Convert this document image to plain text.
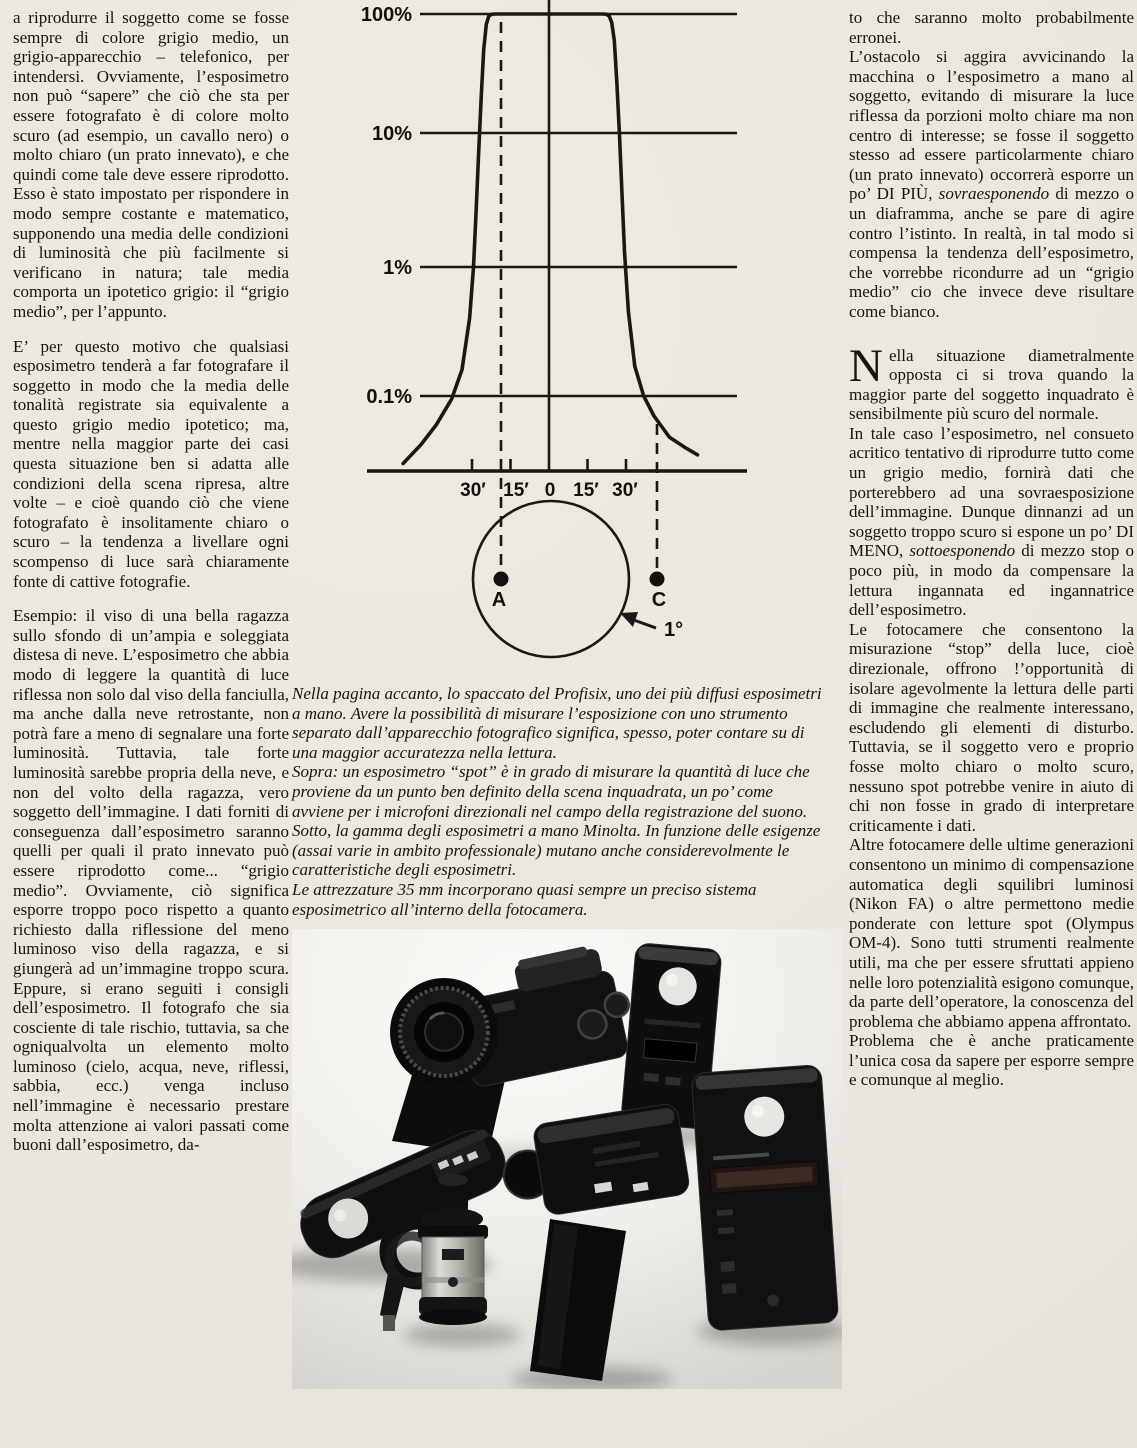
a riprodurre il soggetto come se fosse sempre di colore grigio medio, un grigio-apparecchio – telefonico, per intendersi. Ovviamente, l’esposimetro non può “sapere” che ciò che sta per essere fotografato è di colore molto scuro (ad esempio, un cavallo nero) o molto chiaro (un prato innevato), e che quindi come tale deve essere riprodotto. Esso è stato impostato per rispondere in modo sempre costante e matematico, supponendo una media delle condizioni di luminosità che più facilmente si verificano in natura; tale media comporta un ipotetico grigio: il “grigio medio”, per l’appunto.

E’ per questo motivo che qualsiasi esposimetro tenderà a far fotografare il soggetto in modo che la media delle tonalità registrate sia equivalente a questo grigio medio ipotetico; ma, mentre nella maggior parte dei casi questa situazione ben si adatta alle condizioni della scena ripresa, altre volte – e cioè quando ciò che viene fotografato è insolitamente chiaro o scuro – la tendenza a livellare ogni scompenso di luce sarà chiaramente fonte di cattive fotografie.

Esempio: il viso di una bella ragazza sullo sfondo di un’ampia e soleggiata distesa di neve. L’esposimetro che abbia modo di leggere la quantità di luce riflessa non solo dal viso della fanciulla, ma anche dalla neve retrostante, non potrà fare a meno di segnalare una forte luminosità. Tuttavia, tale forte luminosità sarebbe propria della neve, e non del volto della ragazza, vero soggetto dell’immagine. I dati forniti di conseguenza dall’esposimetro saranno quelli per quali il prato innevato può essere riprodotto come... “grigio medio”. Ovviamente, ciò significa esporre troppo poco rispetto a quanto richiesto dalla riflessione del meno luminoso viso della ragazza, e si giungerà ad un’immagine troppo scura. Eppure, si erano seguiti i consigli dell’esposimetro. Il fotografo che sia cosciente di tale rischio, tuttavia, sa che ogniqualvolta un elemento molto luminoso (cielo, acqua, neve, riflessi, sabbia, ecc.) venga incluso nell’immagine è necessario prestare molta attenzione ai valori passati come buoni dall’esposimetro, da-

100%
10%
1%
0.1%
30′ 15′ 0 15′ 30′
A	C
1°

Nella pagina accanto, lo spaccato del Profisix, uno dei più diffusi esposimetri a mano. Avere la possibilità di misurare l’esposizione con uno strumento separato dall’apparecchio fotografico significa, spesso, poter contare su di una maggior accuratezza nella lettura.

Sopra: un esposimetro “spot” è in grado di misurare la quantità di luce che proviene da un punto ben definito della scena inquadrata, un po’ come avviene per i microfoni direzionali nel campo della registrazione del suono.

Sotto, la gamma degli esposimetri a mano Minolta. In funzione delle esigenze (assai varie in ambito professionale) mutano anche considerevolmente le caratteristiche degli esposimetri.
Le attrezzature 35 mm incorporano quasi sempre un preciso sistema esposimetrico all’interno della fotocamera.

to che saranno molto probabilmente erronei.

L’ostacolo si aggira avvicinando la macchina o l’esposimetro a mano al soggetto, evitando di misurare la luce riflessa da porzioni molto chiare ma non centro di interesse; se fosse il soggetto stesso ad essere particolarmente chiaro (un prato innevato) occorrerà esporre un po’ DI PIÙ, sovraesponendo di mezzo o un diaframma, anche se pare di agire contro l’istinto. In realtà, in tal modo si compensa la tendenza dell’esposimetro, che vorrebbe ricondurre ad un “grigio medio” cio che invece deve risultare come bianco.

Nella situazione diametralmente opposta ci si trova quando la maggior parte del soggetto inquadrato è sensibilmente più scuro del normale.

In tale caso l’esposimetro, nel consueto acritico tentativo di riprodurre tutto come un grigio medio, fornirà dati che porterebbero ad una sovraesposizione dell’immagine. Dunque dinnanzi ad un soggetto troppo scuro si espone un po’ DI MENO, sottoesponendo di mezzo stop o poco più, in modo da compensare la lettura ingannata ed ingannatrice dell’esposimetro.

Le fotocamere che consentono la misurazione “stop” della luce, cioè direzionale, offrono !’opportunità di isolare agevolmente la lettura delle parti di immagine che realmente interessano, escludendo gli elementi di disturbo. Tuttavia, se il soggetto vero e proprio fosse molto chiaro o molto scuro, nessuno spot potrebbe venire in aiuto di chi non fosse in grado di interpretare criticamente i dati.

Altre fotocamere delle ultime generazioni consentono un minimo di compensazione automatica degli squilibri luminosi (Nikon FA) o altre permettono medie ponderate con letture spot (Olympus OM-4). Sono tutti strumenti realmente utili, ma che per essere sfruttati appieno nelle loro potenzialità esigono comunque, da parte dell’operatore, la conoscenza del problema che abbiamo appena affrontato.

Problema che è anche praticamente l’unica cosa da sapere per esporre sempre e comunque al meglio.
